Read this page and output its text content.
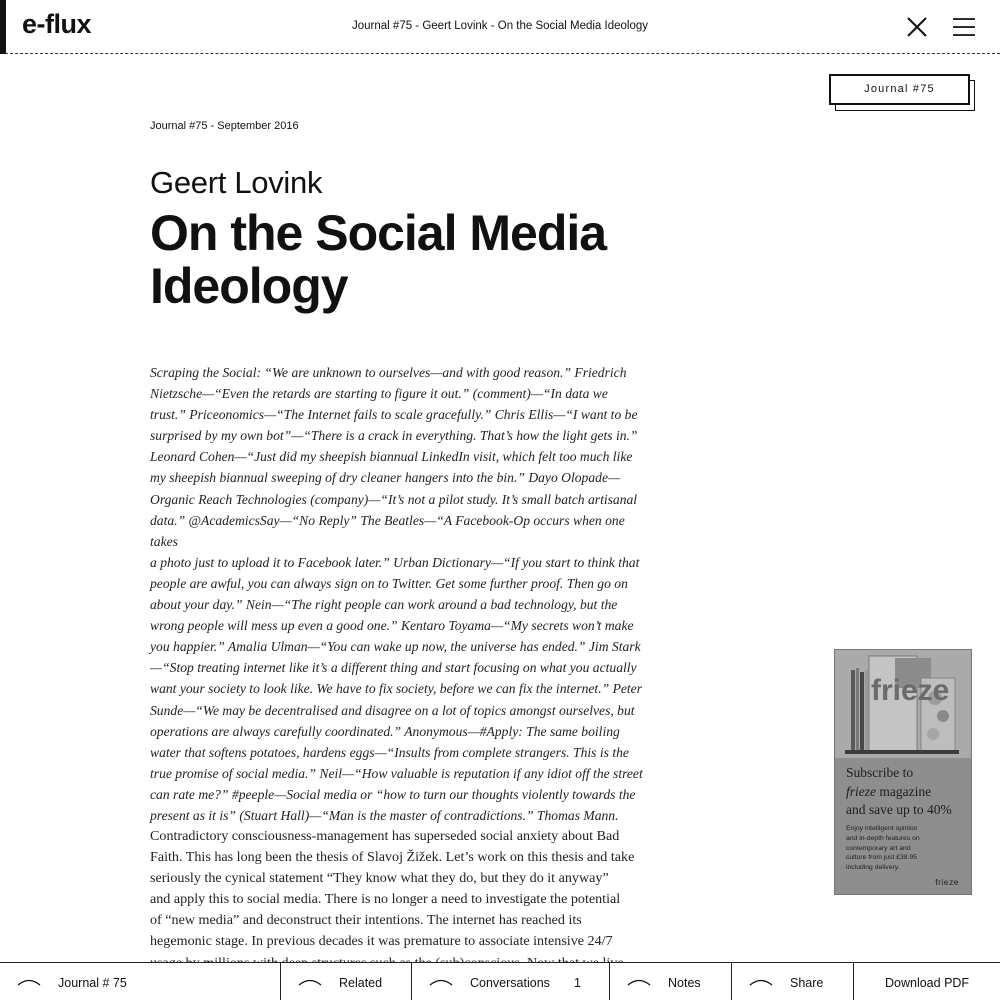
e-flux	Journal #75 - Geert Lovink - On the Social Media Ideology
Journal #75
Journal #75 - September 2016
Geert Lovink
On the Social Media
Ideology
Scraping the Social: “We are unknown to ourselves—and with good reason.” Friedrich
Nietzsche—“Even the retards are starting to figure it out.” (comment)—“In data we
trust.” Priceonomics—“The Internet fails to scale gracefully.” Chris Ellis—“I want to be
surprised by my own bot”—“There is a crack in everything. That’s how the light gets in.”
Leonard Cohen—“Just did my sheepish biannual LinkedIn visit, which felt too much like
my sheepish biannual sweeping of dry cleaner hangers into the bin.” Dayo Olopade—
Organic Reach Technologies (company)—“It’s not a pilot study. It’s small batch artisanal
data.” @AcademicsSay—“No Reply” The Beatles—“A Facebook-Op occurs when one takes
a photo just to upload it to Facebook later.” Urban Dictionary—“If you start to think that
people are awful, you can always sign on to Twitter. Get some further proof. Then go on
about your day.” Nein—“The right people can work around a bad technology, but the
wrong people will mess up even a good one.” Kentaro Toyama—“My secrets won’t make
you happier.” Amalia Ulman—“You can wake up now, the universe has ended.” Jim Stark
—“Stop treating internet like it’s a different thing and start focusing on what you actually
want your society to look like. We have to fix society, before we can fix the internet.” Peter
Sunde—“We may be decentralised and disagree on a lot of topics amongst ourselves, but
operations are always carefully coordinated.” Anonymous—#Apply: The same boiling
water that softens potatoes, hardens eggs—“Insults from complete strangers. This is the
true promise of social media.” Neil—“How valuable is reputation if any idiot off the street
can rate me?” #peeple—Social media or “how to turn our thoughts violently towards the
present as it is” (Stuart Hall)—“Man is the master of contradictions.” Thomas Mann.
Contradictory consciousness-management has superseded social anxiety about Bad
Faith. This has long been the thesis of Slavoj Žižek. Let’s work on this thesis and take
seriously the cynical statement “They know what they do, but they do it anyway”
and apply this to social media. There is no longer a need to investigate the potential
of “new media” and deconstruct their intentions. The internet has reached its
hegemonic stage. In previous decades it was premature to associate intensive 24/7
frieze
Subscribe to
frieze magazine
and save up to 40%
Enjoy intelligent opinion
and in-depth features on
contemporary art and
culture from just £38.95
including delivery.
frieze
Journal # 75	Related	Conversations 1	Notes	Share	Download PDF
